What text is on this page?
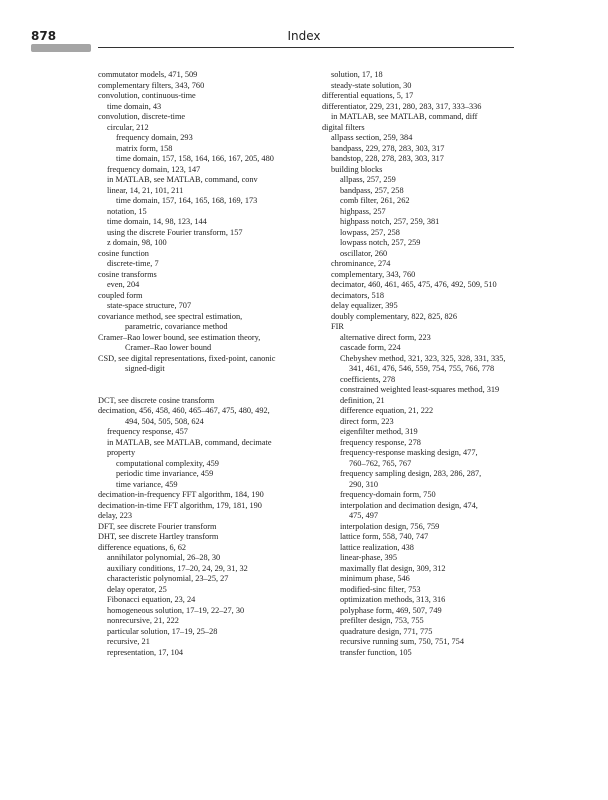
878	Index
commutator models, 471, 509
complementary filters, 343, 760
convolution, continuous-time
time domain, 43
convolution, discrete-time
circular, 212
frequency domain, 293
matrix form, 158
time domain, 157, 158, 164, 166, 167, 205, 480
frequency domain, 123, 147
in MATLAB, see MATLAB, command, conv
linear, 14, 21, 101, 211
time domain, 157, 164, 165, 168, 169, 173
notation, 15
time domain, 14, 98, 123, 144
using the discrete Fourier transform, 157
z domain, 98, 100
cosine function
discrete-time, 7
cosine transforms
even, 204
coupled form
state-space structure, 707
covariance method, see spectral estimation,
parametric, covariance method
Cramer–Rao lower bound, see estimation theory,
Cramer–Rao lower bound
CSD, see digital representations, fixed-point, canonic
signed-digit
DCT, see discrete cosine transform
decimation, 456, 458, 460, 465–467, 475, 480, 492,
494, 504, 505, 508, 624
frequency response, 457
in MATLAB, see MATLAB, command, decimate
property
computational complexity, 459
periodic time invariance, 459
time variance, 459
decimation-in-frequency FFT algorithm, 184, 190
decimation-in-time FFT algorithm, 179, 181, 190
delay, 223
DFT, see discrete Fourier transform
DHT, see discrete Hartley transform
difference equations, 6, 62
annihilator polynomial, 26–28, 30
auxiliary conditions, 17–20, 24, 29, 31, 32
characteristic polynomial, 23–25, 27
delay operator, 25
Fibonacci equation, 23, 24
homogeneous solution, 17–19, 22–27, 30
nonrecursive, 21, 222
particular solution, 17–19, 25–28
recursive, 21
representation, 17, 104
solution, 17, 18
steady-state solution, 30
differential equations, 5, 17
differentiator, 229, 231, 280, 283, 317, 333–336
in MATLAB, see MATLAB, command, diff
digital filters
allpass section, 259, 384
bandpass, 229, 278, 283, 303, 317
bandstop, 228, 278, 283, 303, 317
building blocks
allpass, 257, 259
bandpass, 257, 258
comb filter, 261, 262
highpass, 257
highpass notch, 257, 259, 381
lowpass, 257, 258
lowpass notch, 257, 259
oscillator, 260
chrominance, 274
complementary, 343, 760
decimator, 460, 461, 465, 475, 476, 492, 509, 510
decimators, 518
delay equalizer, 395
doubly complementary, 822, 825, 826
FIR
alternative direct form, 223
cascade form, 224
Chebyshev method, 321, 323, 325, 328, 331, 335,
341, 461, 476, 546, 559, 754, 755, 766, 778
coefficients, 278
constrained weighted least-squares method, 319
definition, 21
difference equation, 21, 222
direct form, 223
eigenfilter method, 319
frequency response, 278
frequency-response masking design, 477,
760–762, 765, 767
frequency sampling design, 283, 286, 287,
290, 310
frequency-domain form, 750
interpolation and decimation design, 474,
475, 497
interpolation design, 756, 759
lattice form, 558, 740, 747
lattice realization, 438
linear-phase, 395
maximally flat design, 309, 312
minimum phase, 546
modified-sinc filter, 753
optimization methods, 313, 316
polyphase form, 469, 507, 749
prefilter design, 753, 755
quadrature design, 771, 775
recursive running sum, 750, 751, 754
transfer function, 105
